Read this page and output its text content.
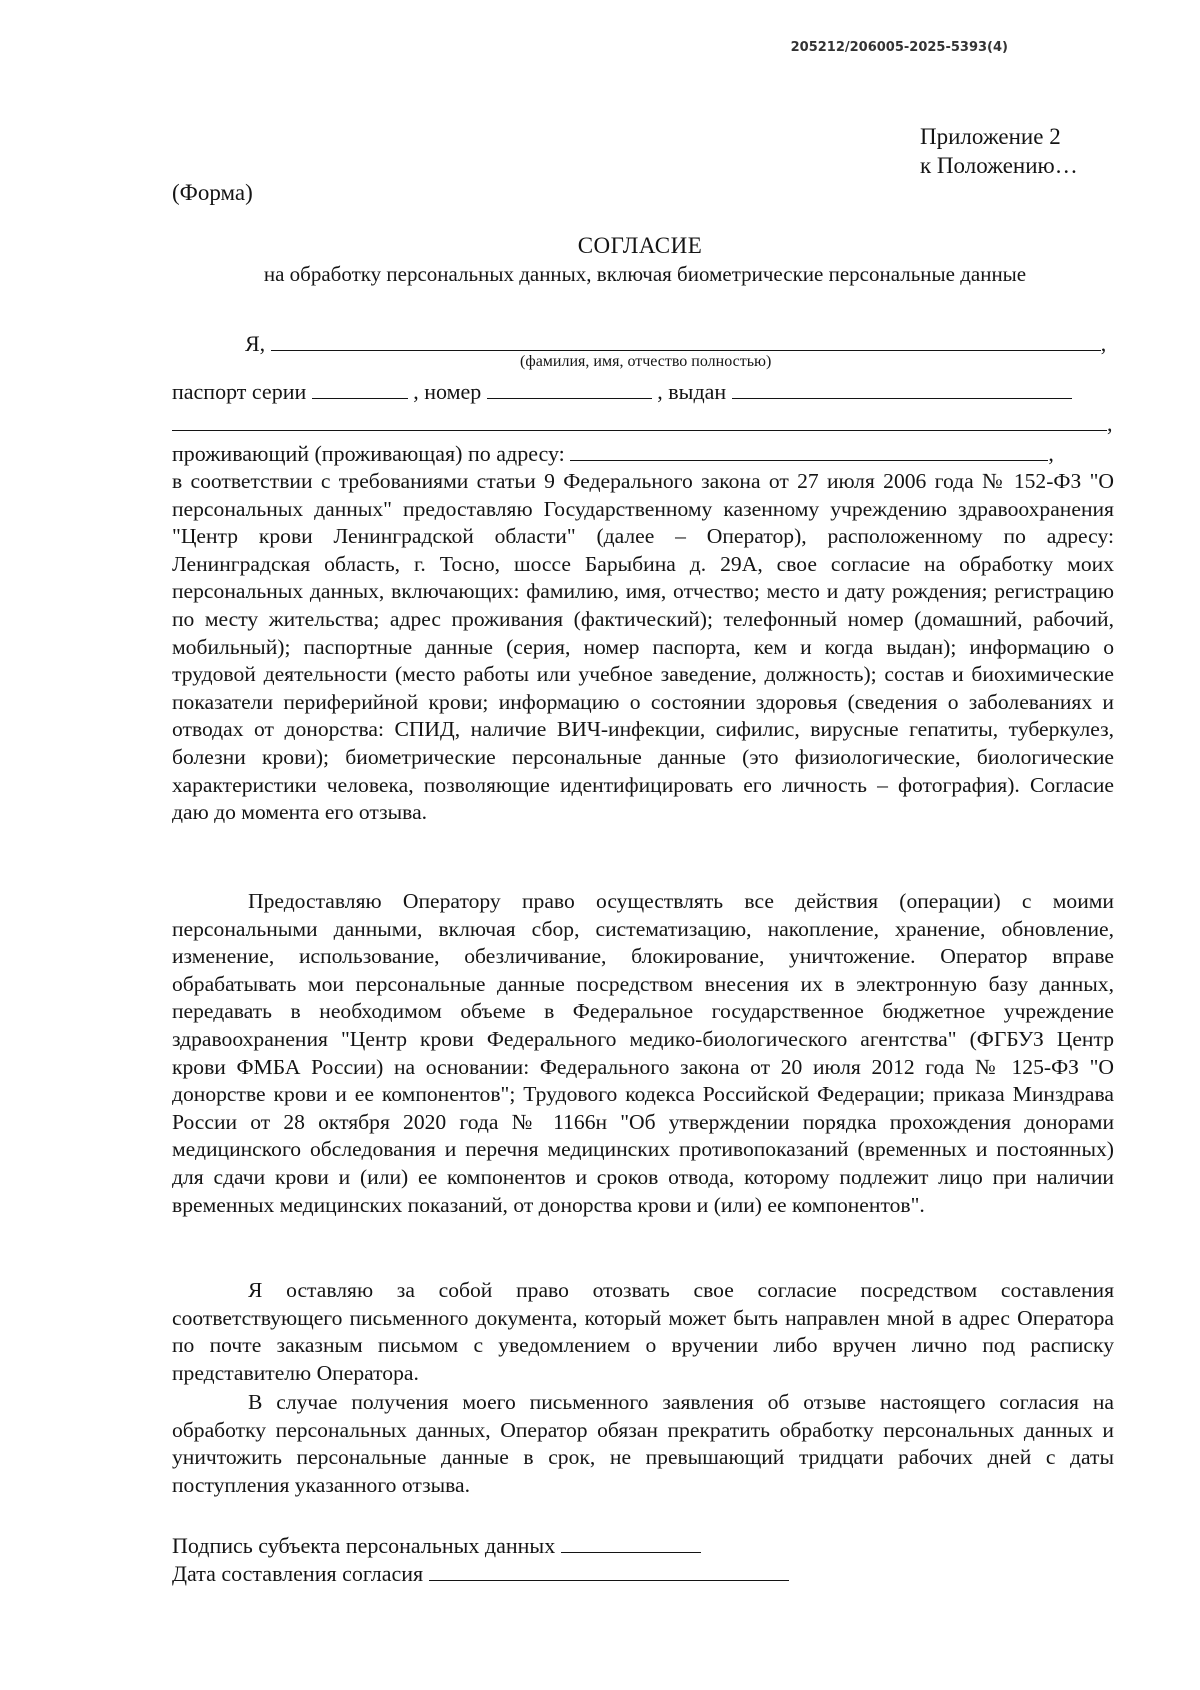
205212/206005-2025-5393(4)
Приложение 2
к Положению…
(Форма)
СОГЛАСИЕ
на обработку персональных данных, включая биометрические персональные данные
Я,	,
(фамилия, имя, отчество полностью)
паспорт серии	, номер	, выдан
,
проживающий (проживающая) по адресу:	,

в соответствии с требованиями статьи 9 Федерального закона от 27 июля 2006 года № 152-ФЗ "О персональных данных" предоставляю Государственному казенному учреждению здравоохранения "Центр крови Ленинградской области" (далее – Оператор), расположенному по адресу: Ленинградская область, г. Тосно, шоссе Барыбина д. 29А, свое согласие на обработку моих персональных данных, включающих: фамилию, имя, отчество; место и дату рождения; регистрацию по месту жительства; адрес проживания (фактический); телефонный номер (домашний, рабочий, мобильный); паспортные данные (серия, номер паспорта, кем и когда выдан); информацию о трудовой деятельности (место работы или учебное заведение, должность); состав и биохимические показатели периферийной крови; информацию о состоянии здоровья (сведения о заболеваниях и отводах от донорства: СПИД, наличие ВИЧ-инфекции, сифилис, вирусные гепатиты, туберкулез, болезни крови); биометрические персональные данные (это физиологические, биологические характеристики человека, позволяющие идентифицировать его личность – фотография). Согласие даю до момента его отзыва.

Предоставляю Оператору право осуществлять все действия (операции) с моими персональными данными, включая сбор, систематизацию, накопление, хранение, обновление, изменение, использование, обезличивание, блокирование, уничтожение. Оператор вправе обрабатывать мои персональные данные посредством внесения их в электронную базу данных, передавать в необходимом объеме в Федеральное государственное бюджетное учреждение здравоохранения "Центр крови Федерального медико-биологического агентства" (ФГБУЗ Центр крови ФМБА России) на основании: Федерального закона от 20 июля 2012 года № 125-ФЗ "О донорстве крови и ее компонентов"; Трудового кодекса Российской Федерации; приказа Минздрава России от 28 октября 2020 года № 1166н "Об утверждении порядка прохождения донорами медицинского обследования и перечня медицинских противопоказаний (временных и постоянных) для сдачи крови и (или) ее компонентов и сроков отвода, которому подлежит лицо при наличии временных медицинских показаний, от донорства крови и (или) ее компонентов".

Я оставляю за собой право отозвать свое согласие посредством составления соответствующего письменного документа, который может быть направлен мной в адрес Оператора по почте заказным письмом с уведомлением о вручении либо вручен лично под расписку представителю Оператора.

В случае получения моего письменного заявления об отзыве настоящего согласия на обработку персональных данных, Оператор обязан прекратить обработку персональных данных и уничтожить персональные данные в срок, не превышающий тридцати рабочих дней с даты поступления указанного отзыва.

Подпись субъекта персональных данных
Дата составления согласия
